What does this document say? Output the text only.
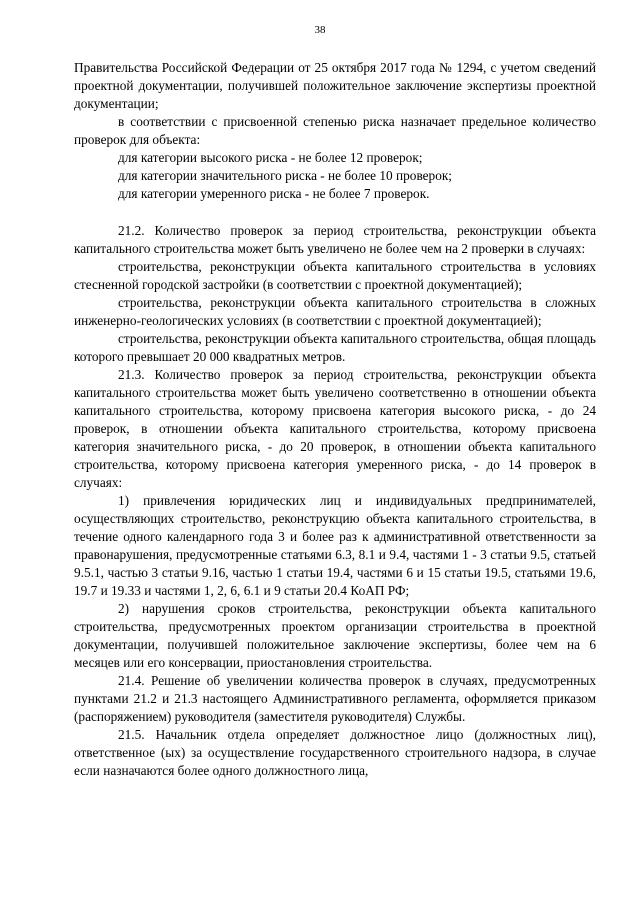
38

Правительства Российской Федерации от 25 октября 2017 года № 1294, с учетом сведений проектной документации, получившей положительное заключение экспертизы проектной документации;

в соответствии с присвоенной степенью риска назначает предельное количество проверок для объекта:

для категории высокого риска - не более 12 проверок;

для категории значительного риска - не более 10 проверок;

для категории умеренного риска - не более 7 проверок.

21.2. Количество проверок за период строительства, реконструкции объекта капитального строительства может быть увеличено не более чем на 2 проверки в случаях:

строительства, реконструкции объекта капитального строительства в условиях стесненной городской застройки (в соответствии с проектной документацией);

строительства, реконструкции объекта капитального строительства в сложных инженерно-геологических условиях (в соответствии с проектной документацией);

строительства, реконструкции объекта капитального строительства, общая площадь которого превышает 20 000 квадратных метров.

21.3. Количество проверок за период строительства, реконструкции объекта капитального строительства может быть увеличено соответственно в отношении объекта капитального строительства, которому присвоена категория высокого риска, - до 24 проверок, в отношении объекта капитального строительства, которому присвоена категория значительного риска, - до 20 проверок, в отношении объекта капитального строительства, которому присвоена категория умеренного риска, - до 14 проверок в случаях:

1) привлечения юридических лиц и индивидуальных предпринимателей, осуществляющих строительство, реконструкцию объекта капитального строительства, в течение одного календарного года 3 и более раз к административной ответственности за правонарушения, предусмотренные статьями 6.3, 8.1 и 9.4, частями 1 - 3 статьи 9.5, статьей 9.5.1, частью 3 статьи 9.16, частью 1 статьи 19.4, частями 6 и 15 статьи 19.5, статьями 19.6, 19.7 и 19.33 и частями 1, 2, 6, 6.1 и 9 статьи 20.4 КоАП РФ;

2) нарушения сроков строительства, реконструкции объекта капитального строительства, предусмотренных проектом организации строительства в проектной документации, получившей положительное заключение экспертизы, более чем на 6 месяцев или его консервации, приостановления строительства.

21.4. Решение об увеличении количества проверок в случаях, предусмотренных пунктами 21.2 и 21.3 настоящего Административного регламента, оформляется приказом (распоряжением) руководителя (заместителя руководителя) Службы.

21.5. Начальник отдела определяет должностное лицо (должностных лиц), ответственное (ых) за осуществление государственного строительного надзора, в случае если назначаются более одного должностного лица,
